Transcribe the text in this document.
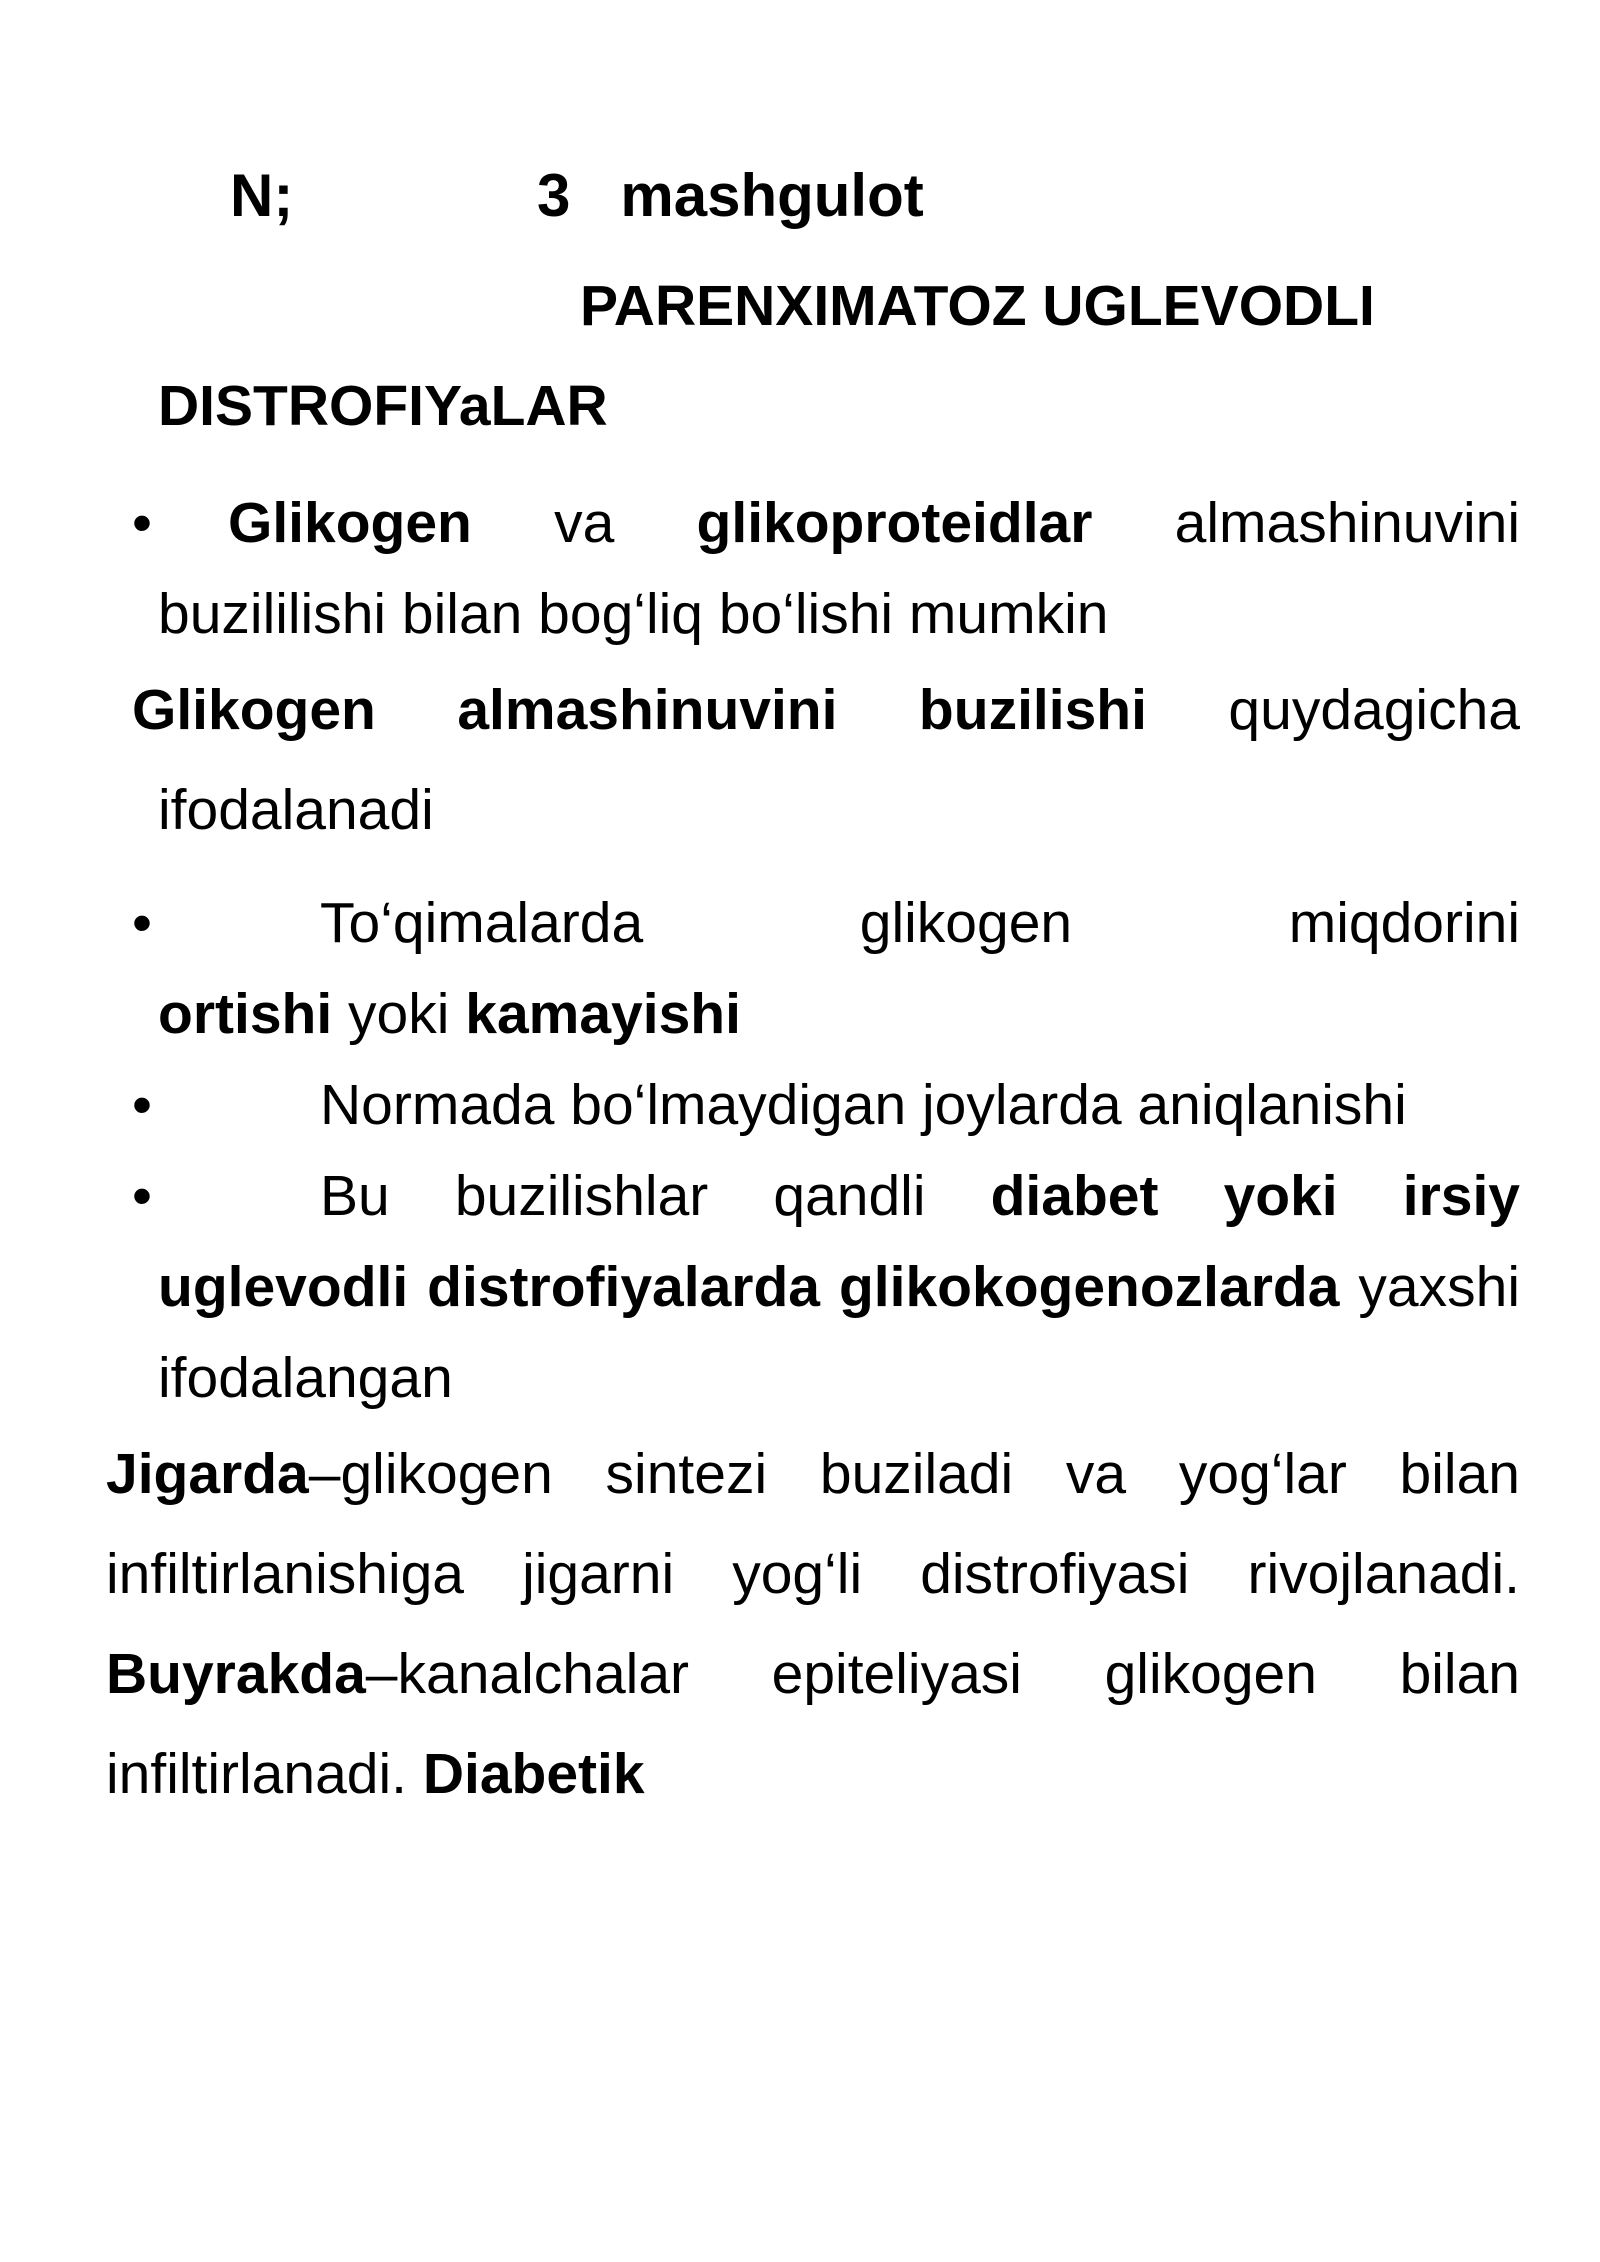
N;	3 mashgulot
PARENXIMATOZ UGLEVODLI
DISTROFIYaLAR
•	Glikogen va glikoproteidlar almashinuvini
buzililishi bilan bog‘liq bo‘lishi mumkin
Glikogen almashinuvini buzilishi quydagicha
ifodalanadi
•	To‘qimalarda glikogen miqdorini
ortishi yoki kamayishi
•	Normada bo‘lmaydigan joylarda aniqlanishi
•	Bu buzilishlar qandli diabet yoki irsiy uglevodli distrofiyalarda glikokogenozlarda yaxshi ifodalangan
Jigarda–glikogen sintezi buziladi va yog‘lar bilan infiltirlanishiga jigarni yog‘li distrofiyasi rivojlanadi. Buyrakda–kanalchalar epiteliyasi glikogen bilan infiltirlanadi. Diabetik
